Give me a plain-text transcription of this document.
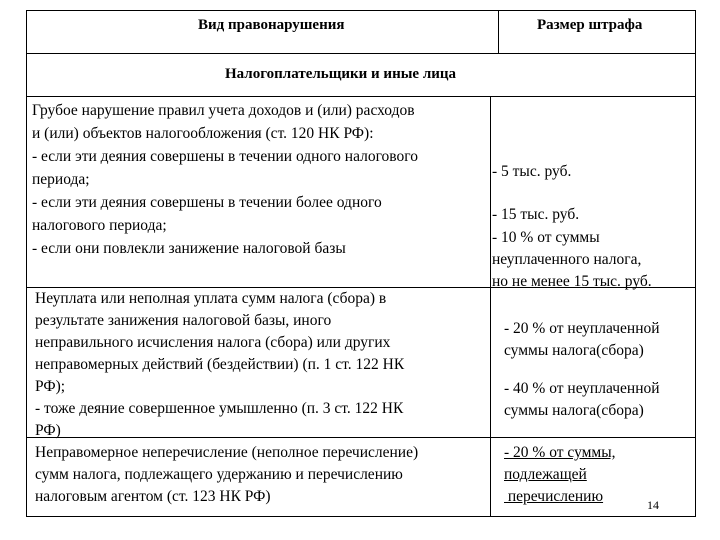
Вид правонарушения	Размер штрафа
Налогоплательщики и иные лица
Грубое нарушение правил учета доходов и (или) расходов
и (или) объектов налогообложения (ст. 120 НК РФ):
- если эти деяния совершены в течении одного налогового
периода;
- если эти деяния совершены в течении более одного
налогового периода;
- если они повлекли занижение налоговой базы
- 5 тыс. руб.
- 15 тыс. руб.
- 10 % от суммы
неуплаченного налога,
но не менее 15 тыс. руб.
Неуплата или неполная уплата сумм налога (сбора) в
результате занижения налоговой базы, иного
неправильного исчисления налога (сбора) или других
неправомерных действий (бездействии) (п. 1 ст. 122 НК
РФ);
- тоже деяние совершенное умышленно (п. 3 ст. 122 НК
РФ)
- 20 % от неуплаченной
суммы налога(сбора)
- 40 % от неуплаченной
суммы налога(сбора)
Неправомерное неперечисление (неполное перечисление)
сумм налога, подлежащего удержанию и перечислению
налоговым агентом (ст. 123 НК РФ)
- 20 % от суммы,
подлежащей
перечислению	14
